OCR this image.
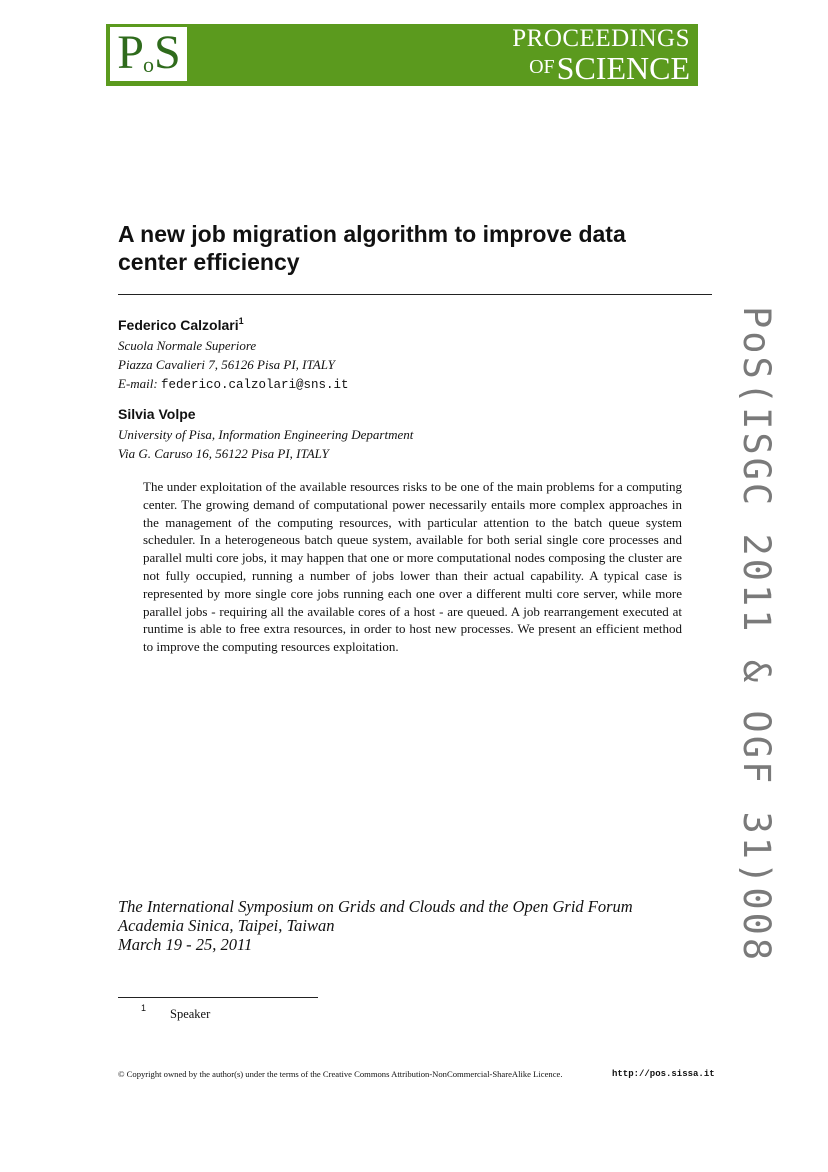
PoS	PROCEEDINGS
OFSCIENCE
A new job migration algorithm to improve data
center efficiency
Federico Calzolari$^1$
Scuola Normale Superiore
Piazza Cavalieri 7, 56126 Pisa PI, ITALY
E-mail: federico.calzolari@sns.it
Silvia Volpe
University of Pisa, Information Engineering Department
Via G. Caruso 16, 56122 Pisa PI, ITALY
The under exploitation of the available resources risks to be one of the main problems for a computing center. The growing demand of computational power necessarily entails more complex approaches in the management of the computing resources, with particular attention to the batch queue system scheduler. In a heterogeneous batch queue system, available for both serial single core processes and parallel multi core jobs, it may happen that one or more computational nodes composing the cluster are not fully occupied, running a number of jobs lower than their actual capability. A typical case is represented by more single core jobs running each one over a different multi core server, while more parallel jobs - requiring all the available cores of a host - are queued. A job rearrangement executed at runtime is able to free extra resources, in order to host new processes. We present an efficient method to improve the computing resources exploitation.	PoS(ISGC 2011 & OGF 31)008
The International Symposium on Grids and Clouds and the Open Grid Forum
Academia Sinica, Taipei, Taiwan
March 19 - 25, 2011
1 Speaker
© Copyright owned by the author(s) under the terms of the Creative Commons Attribution-NonCommercial-ShareAlike Licence.	http://pos.sissa.it
